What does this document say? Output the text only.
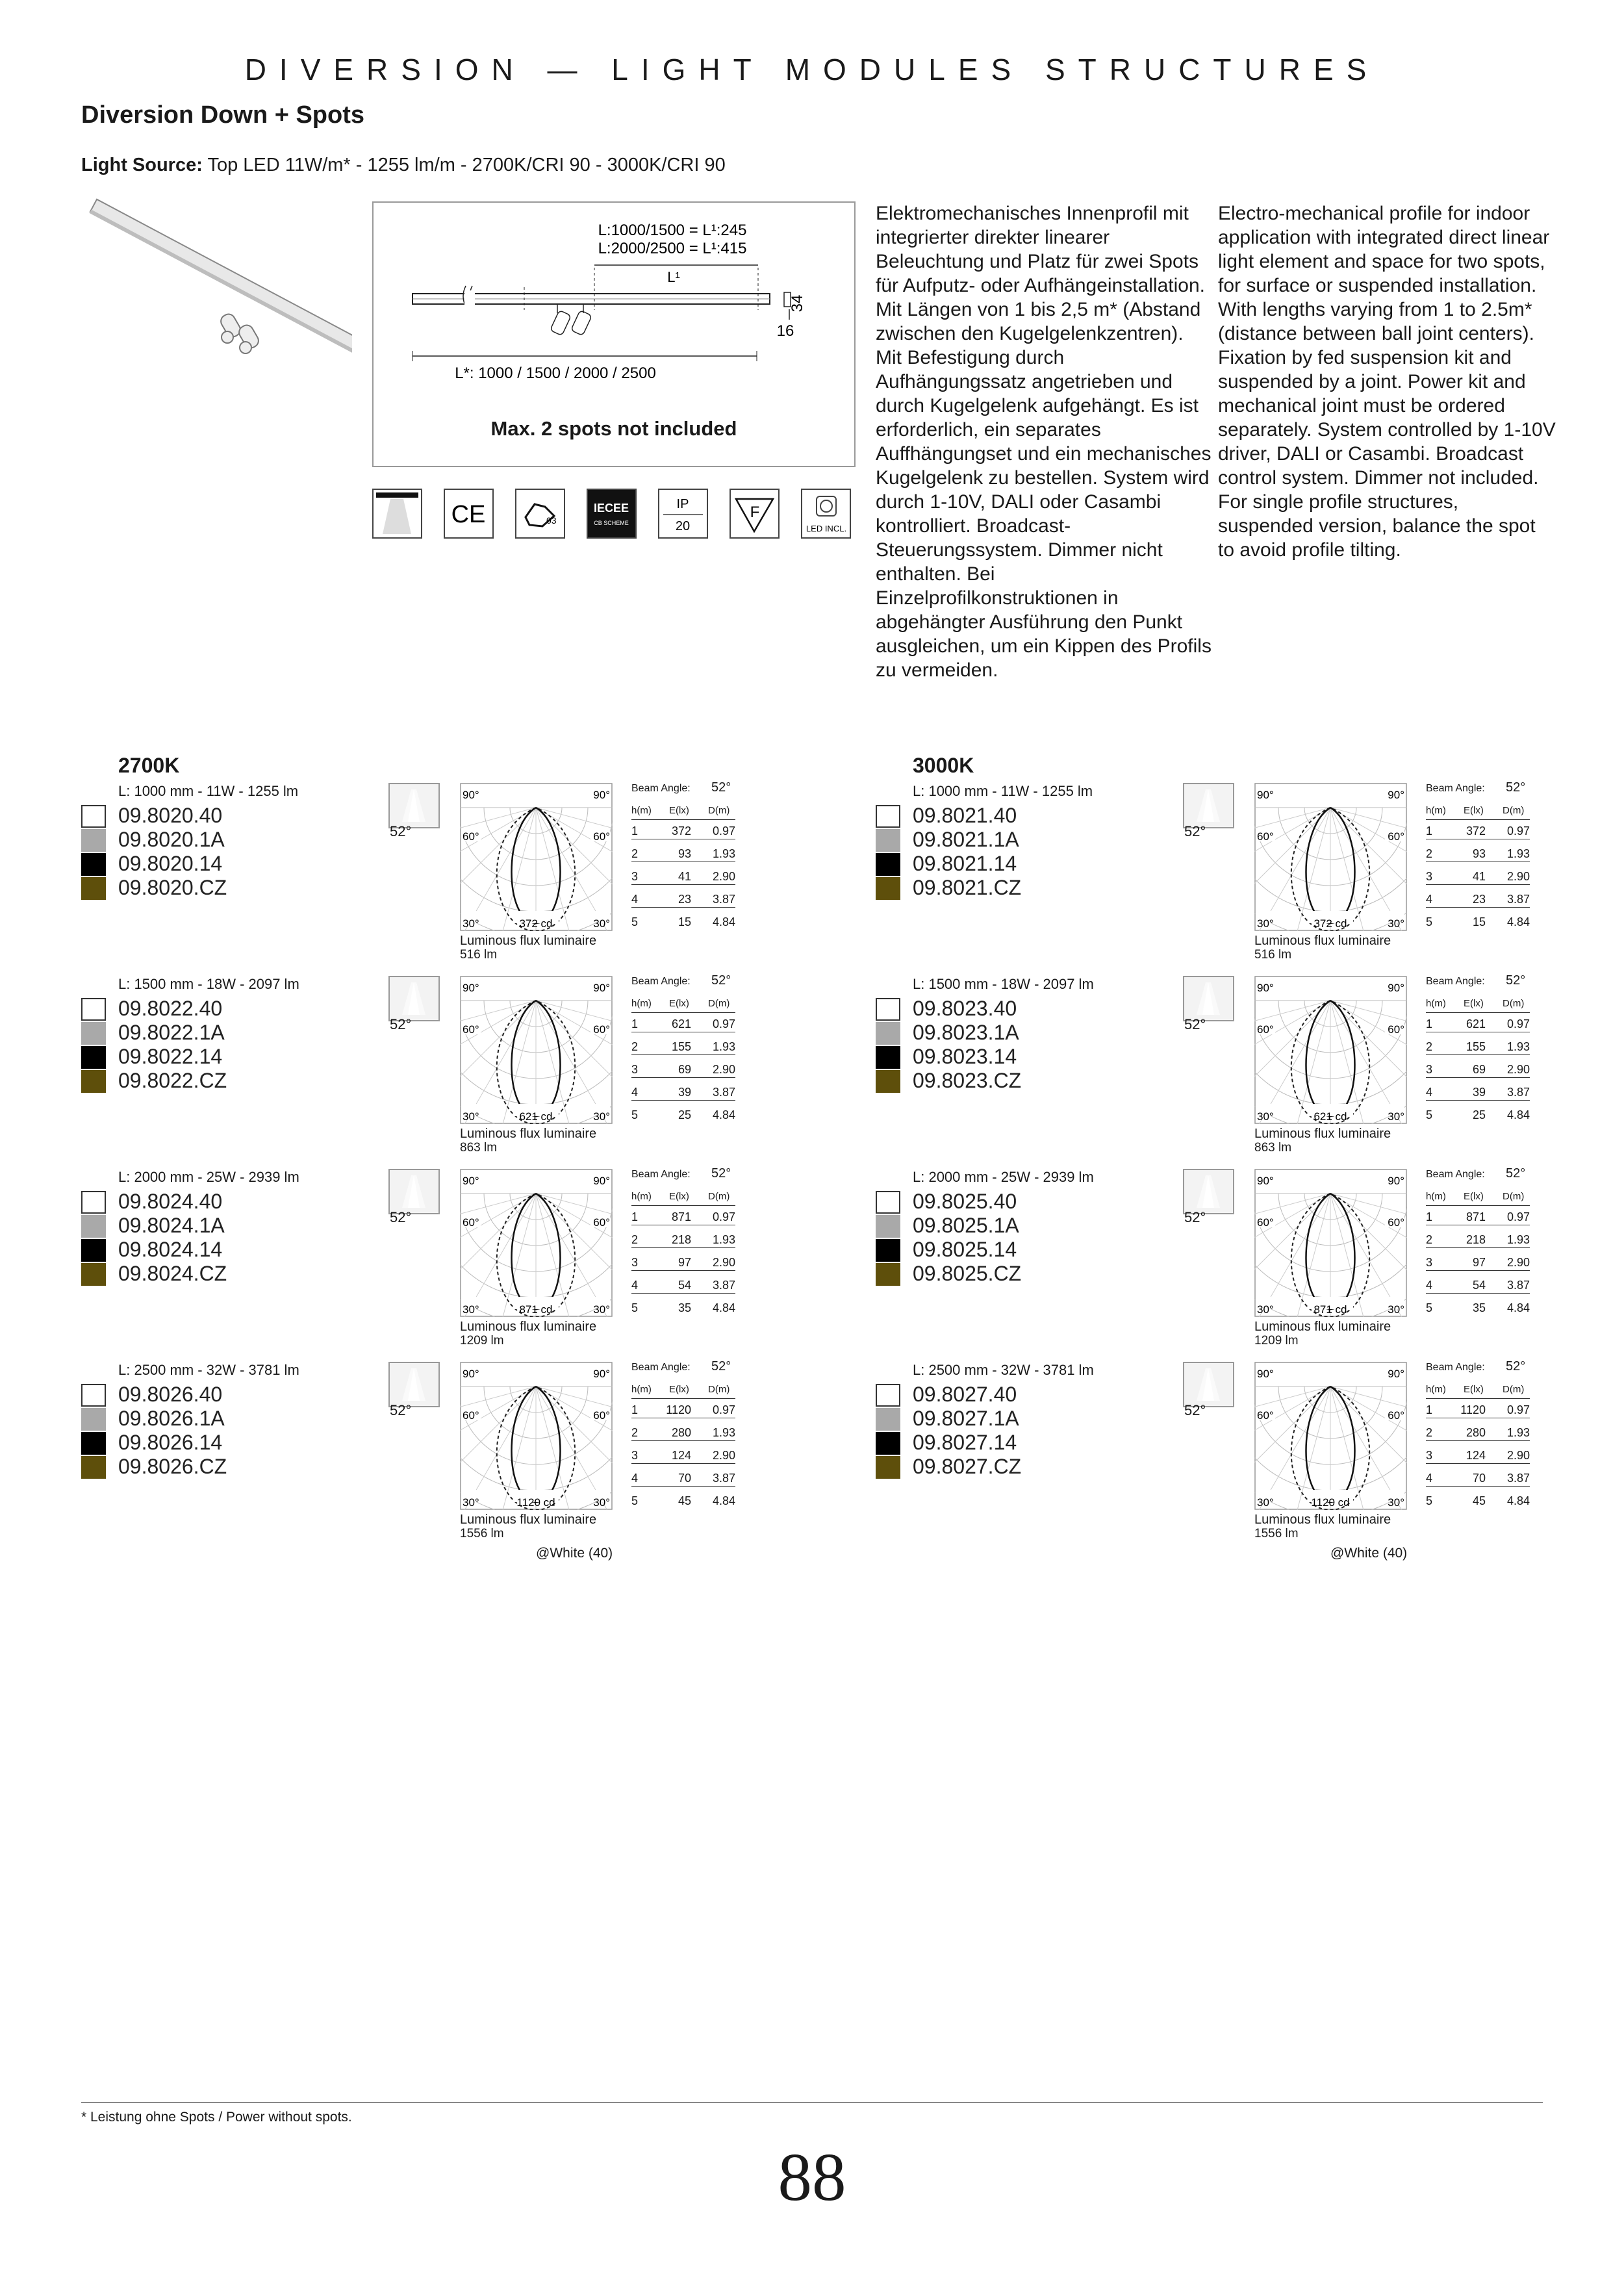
DIVERSION — LIGHT MODULES STRUCTURES
Diversion Down + Spots
Light Source: Top LED 11W/m* - 1255 lm/m - 2700K/CRI 90 - 3000K/CRI 90
L:1000/1500 = L¹:245
L:2000/2500 = L¹:415
L¹
34
16
L*: 1000 / 1500 / 2000 / 2500
Max. 2 spots not included
CE	03
IECEE
CB SCHEME
IP
20
F
LED INCL.
Elektromechanisches Innenprofil mit integrierter direkter linearer Beleuchtung und Platz für zwei Spots für Aufputz- oder Aufhängeinstallation. Mit Längen von 1 bis 2,5 m* (Abstand zwischen den Kugelgelenkzentren). Mit Befestigung durch Aufhängungssatz angetrieben und durch Kugelgelenk aufgehängt. Es ist erforderlich, ein separates Auffhängungset und ein mechanisches Kugelgelenk zu bestellen. System wird durch 1-10V, DALI oder Casambi kontrolliert. Broadcast-Steuerungssystem. Dimmer nicht enthalten. Bei Einzelprofilkonstruktionen in abgehängter Ausführung den Punkt ausgleichen, um ein Kippen des Profils zu vermeiden.
Electro-mechanical profile for indoor application with integrated direct linear light element and space for two spots, for surface or suspended installation. With lengths varying from 1 to 2.5m* (distance between ball joint centers). Fixation by fed suspension kit and suspended by a joint. Power kit and mechanical joint must be ordered separately. System controlled by 1-10V driver, DALI or Casambi. Broadcast control system. Dimmer not included. For single profile structures, suspended version, balance the spot to avoid profile tilting.
2700K
L: 1000 mm - 11W - 1255 lm
09.8020.40
09.8020.1A
09.8020.14
09.8020.CZ
52°
90°	90°
60°	60°
30°	30°
372 cd
Luminous flux luminaire
516 lm
Beam Angle: 52°
h(m) E(lx) D(m)
1	372 0.97
2	93 1.93
3	41 2.90
4	23 3.87
5	15 4.84
L: 1500 mm - 18W - 2097 lm
09.8022.40
09.8022.1A
09.8022.14
09.8022.CZ
52°
90°	90°
60°	60°
30°	30°
621 cd
Luminous flux luminaire
863 lm
Beam Angle: 52°
h(m) E(lx) D(m)
1	621 0.97
2	155 1.93
3	69 2.90
4	39 3.87
5	25 4.84
L: 2000 mm - 25W - 2939 lm
09.8024.40
09.8024.1A
09.8024.14
09.8024.CZ
52°
90°	90°
60°	60°
30°	30°
871 cd
Luminous flux luminaire
1209 lm
Beam Angle: 52°
h(m) E(lx) D(m)
1	871 0.97
2	218 1.93
3	97 2.90
4	54 3.87
5	35 4.84
L: 2500 mm - 32W - 3781 lm
09.8026.40
09.8026.1A
09.8026.14
09.8026.CZ
52°
90°	90°
60°	60°
30°	30°
1120 cd
Luminous flux luminaire
1556 lm
Beam Angle: 52°
h(m) E(lx) D(m)
1 1120 0.97
2	280 1.93
3	124 2.90
4	70 3.87
5	45 4.84
@White (40)
3000K
L: 1000 mm - 11W - 1255 lm
09.8021.40
09.8021.1A
09.8021.14
09.8021.CZ
52°
90°	90°
60°	60°
30°	30°
372 cd
Luminous flux luminaire
516 lm
Beam Angle: 52°
h(m) E(lx) D(m)
1	372 0.97
2	93 1.93
3	41 2.90
4	23 3.87
5	15 4.84
L: 1500 mm - 18W - 2097 lm
09.8023.40
09.8023.1A
09.8023.14
09.8023.CZ
52°
90°	90°
60°	60°
30°	30°
621 cd
Luminous flux luminaire
863 lm
Beam Angle: 52°
h(m) E(lx) D(m)
1	621 0.97
2	155 1.93
3	69 2.90
4	39 3.87
5	25 4.84
L: 2000 mm - 25W - 2939 lm
09.8025.40
09.8025.1A
09.8025.14
09.8025.CZ
52°
90°	90°
60°	60°
30°	30°
871 cd
Luminous flux luminaire
1209 lm
Beam Angle: 52°
h(m) E(lx) D(m)
1	871 0.97
2	218 1.93
3	97 2.90
4	54 3.87
5	35 4.84
L: 2500 mm - 32W - 3781 lm
09.8027.40
09.8027.1A
09.8027.14
09.8027.CZ
52°
90°	90°
60°	60°
30°	30°
1120 cd
Luminous flux luminaire
1556 lm
Beam Angle: 52°
h(m) E(lx) D(m)
1 1120 0.97
2	280 1.93
3	124 2.90
4	70 3.87
5	45 4.84
@White (40)
* Leistung ohne Spots / Power without spots.
88
